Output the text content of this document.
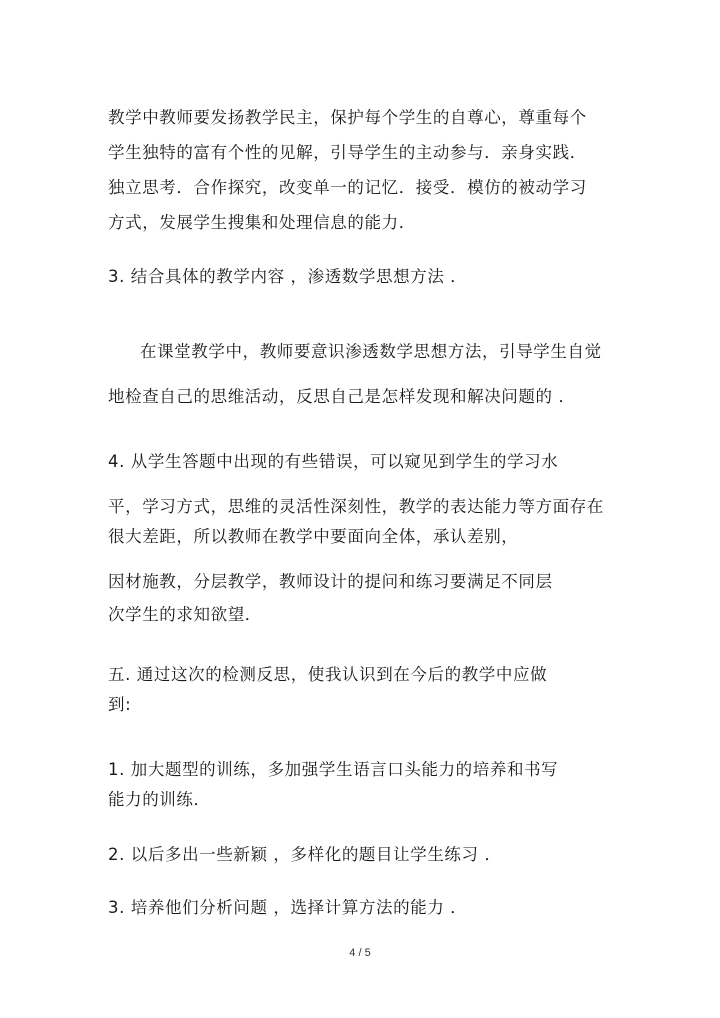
教学中教师要发扬教学民主，保护每个学生的自尊心，尊重每个
学生独特的富有个性的见解，引导学生的主动参与．亲身实践．
独立思考．合作探究，改变单一的记忆．接受．模仿的被动学习
方式，发展学生搜集和处理信息的能力．
3. 结合具体的教学内容 ，渗透数学思想方法 ．
在课堂教学中，教师要意识渗透数学思想方法，引导学生自觉
地检查自己的思维活动，反思自己是怎样发现和解决问题的 ．
4. 从学生答题中出现的有些错误，可以窥见到学生的学习水
平，学习方式，思维的灵活性深刻性，教学的表达能力等方面存在
很大差距，所以教师在教学中要面向全体，承认差别，
因材施教，分层教学，教师设计的提问和练习要满足不同层
次学生的求知欲望．
五. 通过这次的检测反思，使我认识到在今后的教学中应做
到:
1. 加大题型的训练，多加强学生语言口头能力的培养和书写
能力的训练．
2. 以后多出一些新颖 ，多样化的题目让学生练习 ．
3. 培养他们分析问题 ，选择计算方法的能力 ．
4 / 5
